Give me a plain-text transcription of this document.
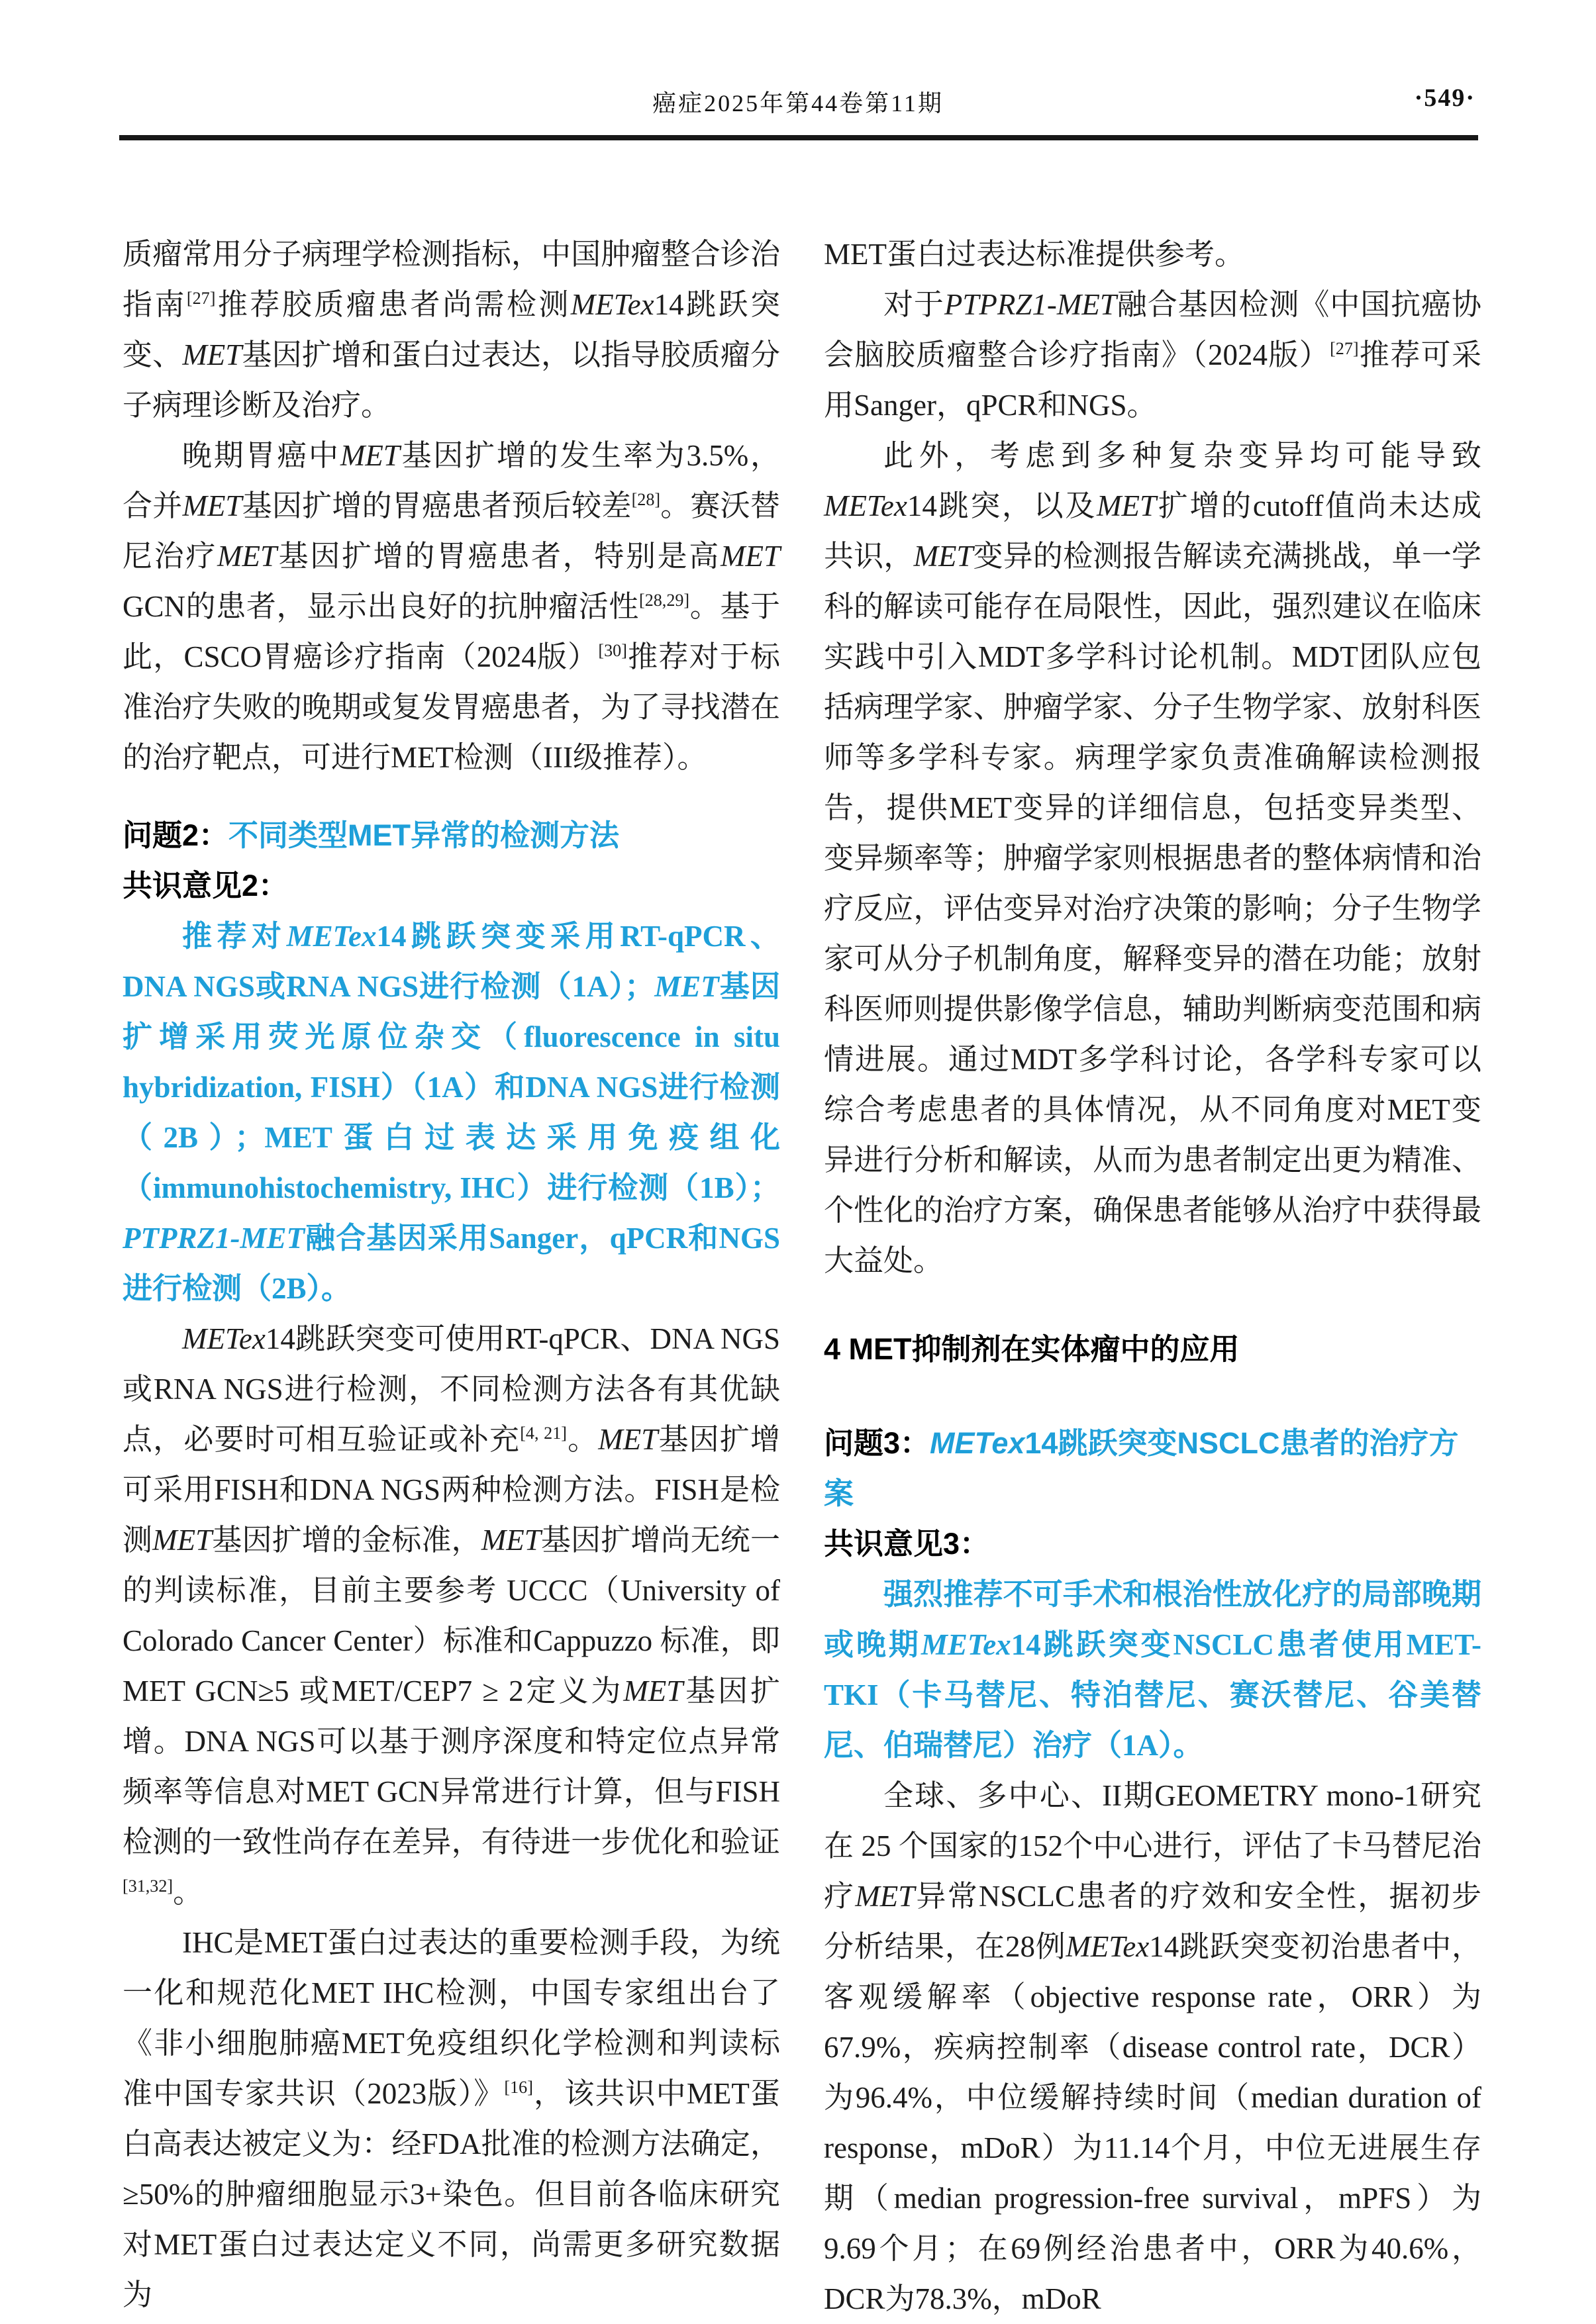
癌症2025年第44卷第11期	·549·
质瘤常用分子病理学检测指标，中国肿瘤整合诊治指南[27]推荐胶质瘤患者尚需检测METex14跳跃突变、MET基因扩增和蛋白过表达，以指导胶质瘤分子病理诊断及治疗。
晚期胃癌中MET基因扩增的发生率为3.5%，合并MET基因扩增的胃癌患者预后较差[28]。赛沃替尼治疗MET基因扩增的胃癌患者，特别是高MET GCN的患者，显示出良好的抗肿瘤活性[28,29]。基于此，CSCO胃癌诊疗指南（2024版）[30]推荐对于标准治疗失败的晚期或复发胃癌患者，为了寻找潜在的治疗靶点，可进行MET检测（III级推荐）。
问题2：不同类型MET异常的检测方法
共识意见2：
推荐对METex14跳跃突变采用RT-qPCR、DNA NGS或RNA NGS进行检测（1A）；MET基因扩增采用荧光原位杂交（fluorescence in situ hybridization, FISH）（1A）和DNA NGS进行检测（2B）；MET蛋白过表达采用免疫组化（immunohistochemistry, IHC）进行检测（1B）；PTPRZ1-MET融合基因采用Sanger，qPCR和NGS进行检测（2B）。
METex14跳跃突变可使用RT-qPCR、DNA NGS或RNA NGS进行检测，不同检测方法各有其优缺点，必要时可相互验证或补充[4, 21]。MET基因扩增可采用FISH和DNA NGS两种检测方法。FISH是检测MET基因扩增的金标准，MET基因扩增尚无统一的判读标准，目前主要参考 UCCC（University of Colorado Cancer Center）标准和Cappuzzo 标准，即MET GCN≥5 或MET/CEP7 ≥ 2定义为MET基因扩增。DNA NGS可以基于测序深度和特定位点异常频率等信息对MET GCN异常进行计算，但与FISH检测的一致性尚存在差异，有待进一步优化和验证[31,32]。
IHC是MET蛋白过表达的重要检测手段，为统一化和规范化MET IHC检测，中国专家组出台了《非小细胞肺癌MET免疫组织化学检测和判读标准中国专家共识（2023版）》[16]，该共识中MET蛋白高表达被定义为：经FDA批准的检测方法确定，≥50%的肿瘤细胞显示3+染色。但目前各临床研究对MET蛋白过表达定义不同，尚需更多研究数据为
MET蛋白过表达标准提供参考。
对于PTPRZ1-MET融合基因检测《中国抗癌协会脑胶质瘤整合诊疗指南》（2024版）[27]推荐可采用Sanger，qPCR和NGS。
此外，考虑到多种复杂变异均可能导致METex14跳突，以及MET扩增的cutoff值尚未达成共识，MET变异的检测报告解读充满挑战，单一学科的解读可能存在局限性，因此，强烈建议在临床实践中引入MDT多学科讨论机制。MDT团队应包括病理学家、肿瘤学家、分子生物学家、放射科医师等多学科专家。病理学家负责准确解读检测报告，提供MET变异的详细信息，包括变异类型、变异频率等；肿瘤学家则根据患者的整体病情和治疗反应，评估变异对治疗决策的影响；分子生物学家可从分子机制角度，解释变异的潜在功能；放射科医师则提供影像学信息，辅助判断病变范围和病情进展。通过MDT多学科讨论，各学科专家可以综合考虑患者的具体情况，从不同角度对MET变异进行分析和解读，从而为患者制定出更为精准、个性化的治疗方案，确保患者能够从治疗中获得最大益处。
4 MET抑制剂在实体瘤中的应用
问题3：METex14跳跃突变NSCLC患者的治疗方案
共识意见3：
强烈推荐不可手术和根治性放化疗的局部晚期或晚期METex14跳跃突变NSCLC患者使用MET-TKI（卡马替尼、特泊替尼、赛沃替尼、谷美替尼、伯瑞替尼）治疗（1A）。
全球、多中心、II期GEOMETRY mono-1研究在 25 个国家的152个中心进行，评估了卡马替尼治疗MET异常NSCLC患者的疗效和安全性，据初步分析结果，在28例METex14跳跃突变初治患者中，客观缓解率（objective response rate，ORR）为67.9%，疾病控制率（disease control rate，DCR）为96.4%，中位缓解持续时间（median duration of response，mDoR）为11.14个月，中位无进展生存期（median progression-free survival，mPFS）为9.69个月；在69例经治患者中，ORR为40.6%，DCR为78.3%，mDoR
